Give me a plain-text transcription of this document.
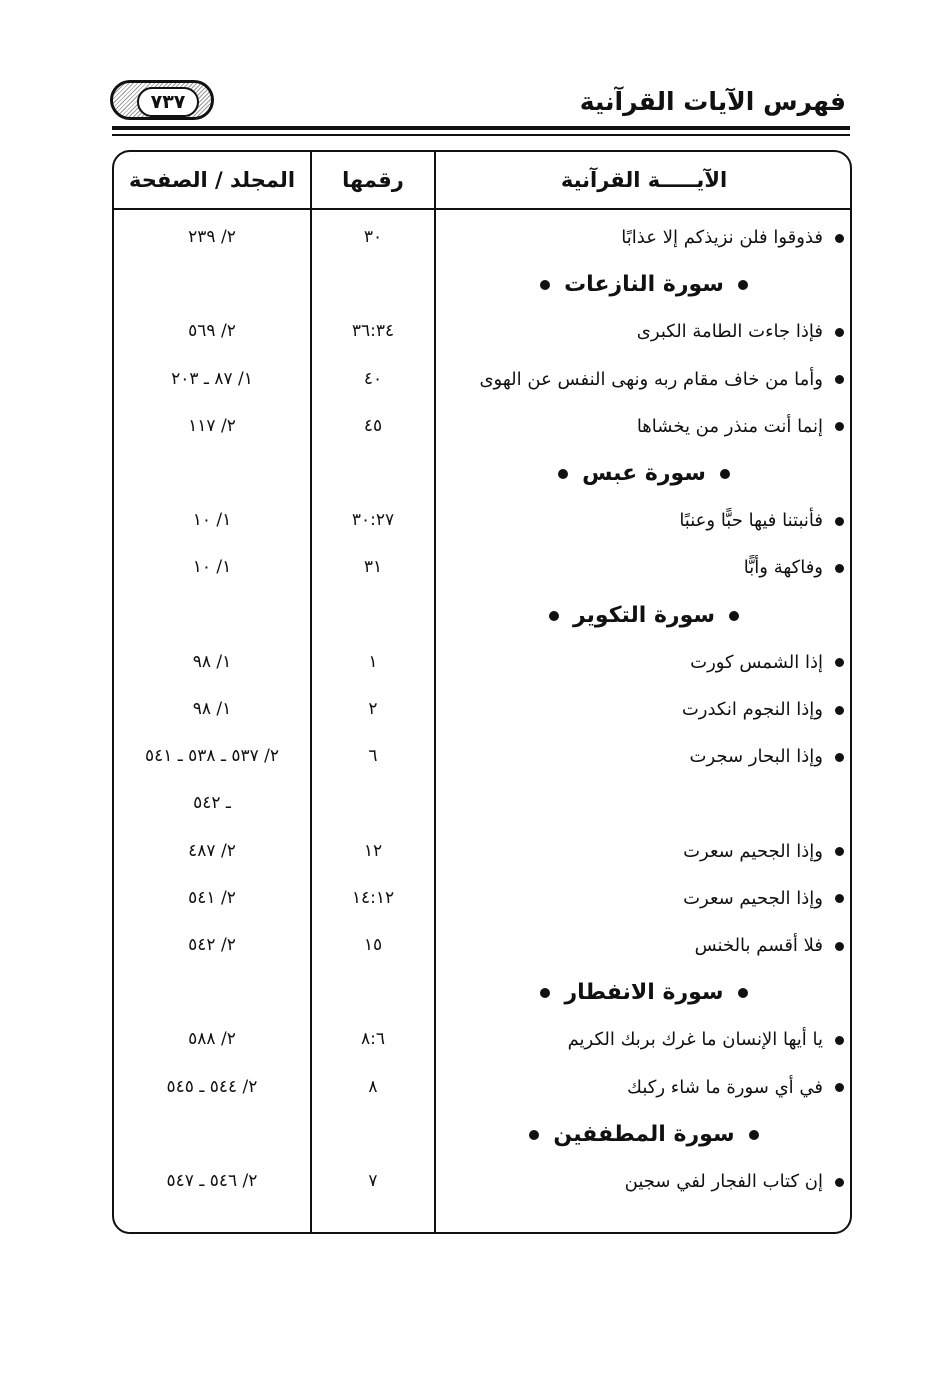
فهرس الآيات القرآنية
٧٣٧
الآيـــــة القرآنية
رقمها
المجلد / الصفحة
فذوقوا فلن نزيذكم إلا عذابًا
٣٠
٢/ ٢٣٩
سورة النازعات
فإذا جاءت الطامة الكبرى
٣٦:٣٤
٢/ ٥٦٩
وأما من خاف مقام ربه ونهى النفس عن الهوى
٤٠
١/ ٨٧ ـ ٢٠٣
إنما أنت منذر من يخشاها
٤٥
٢/ ١١٧
سورة عبس
فأنبتنا فيها حبًّا وعنبًا
٣٠:٢٧
١/ ١٠
وفاكهة وأبًّا
٣١
١/ ١٠
سورة التكوير
إذا الشمس كورت
١
١/ ٩٨
وإذا النجوم انكدرت
٢
١/ ٩٨
وإذا البحار سجرت
٦
٢/ ٥٣٧ ـ ٥٣٨ ـ ٥٤١
ـ ٥٤٢
وإذا الجحيم سعرت
١٢
٢/ ٤٨٧
وإذا الجحيم سعرت
١٤:١٢
٢/ ٥٤١
فلا أقسم بالخنس
١٥
٢/ ٥٤٢
سورة الانفطار
يا أيها الإنسان ما غرك بربك الكريم
٨:٦
٢/ ٥٨٨
في أي سورة ما شاء ركبك
٨
٢/ ٥٤٤ ـ ٥٤٥
سورة المطففين
إن كتاب الفجار لفي سجين
٧
٢/ ٥٤٦ ـ ٥٤٧
